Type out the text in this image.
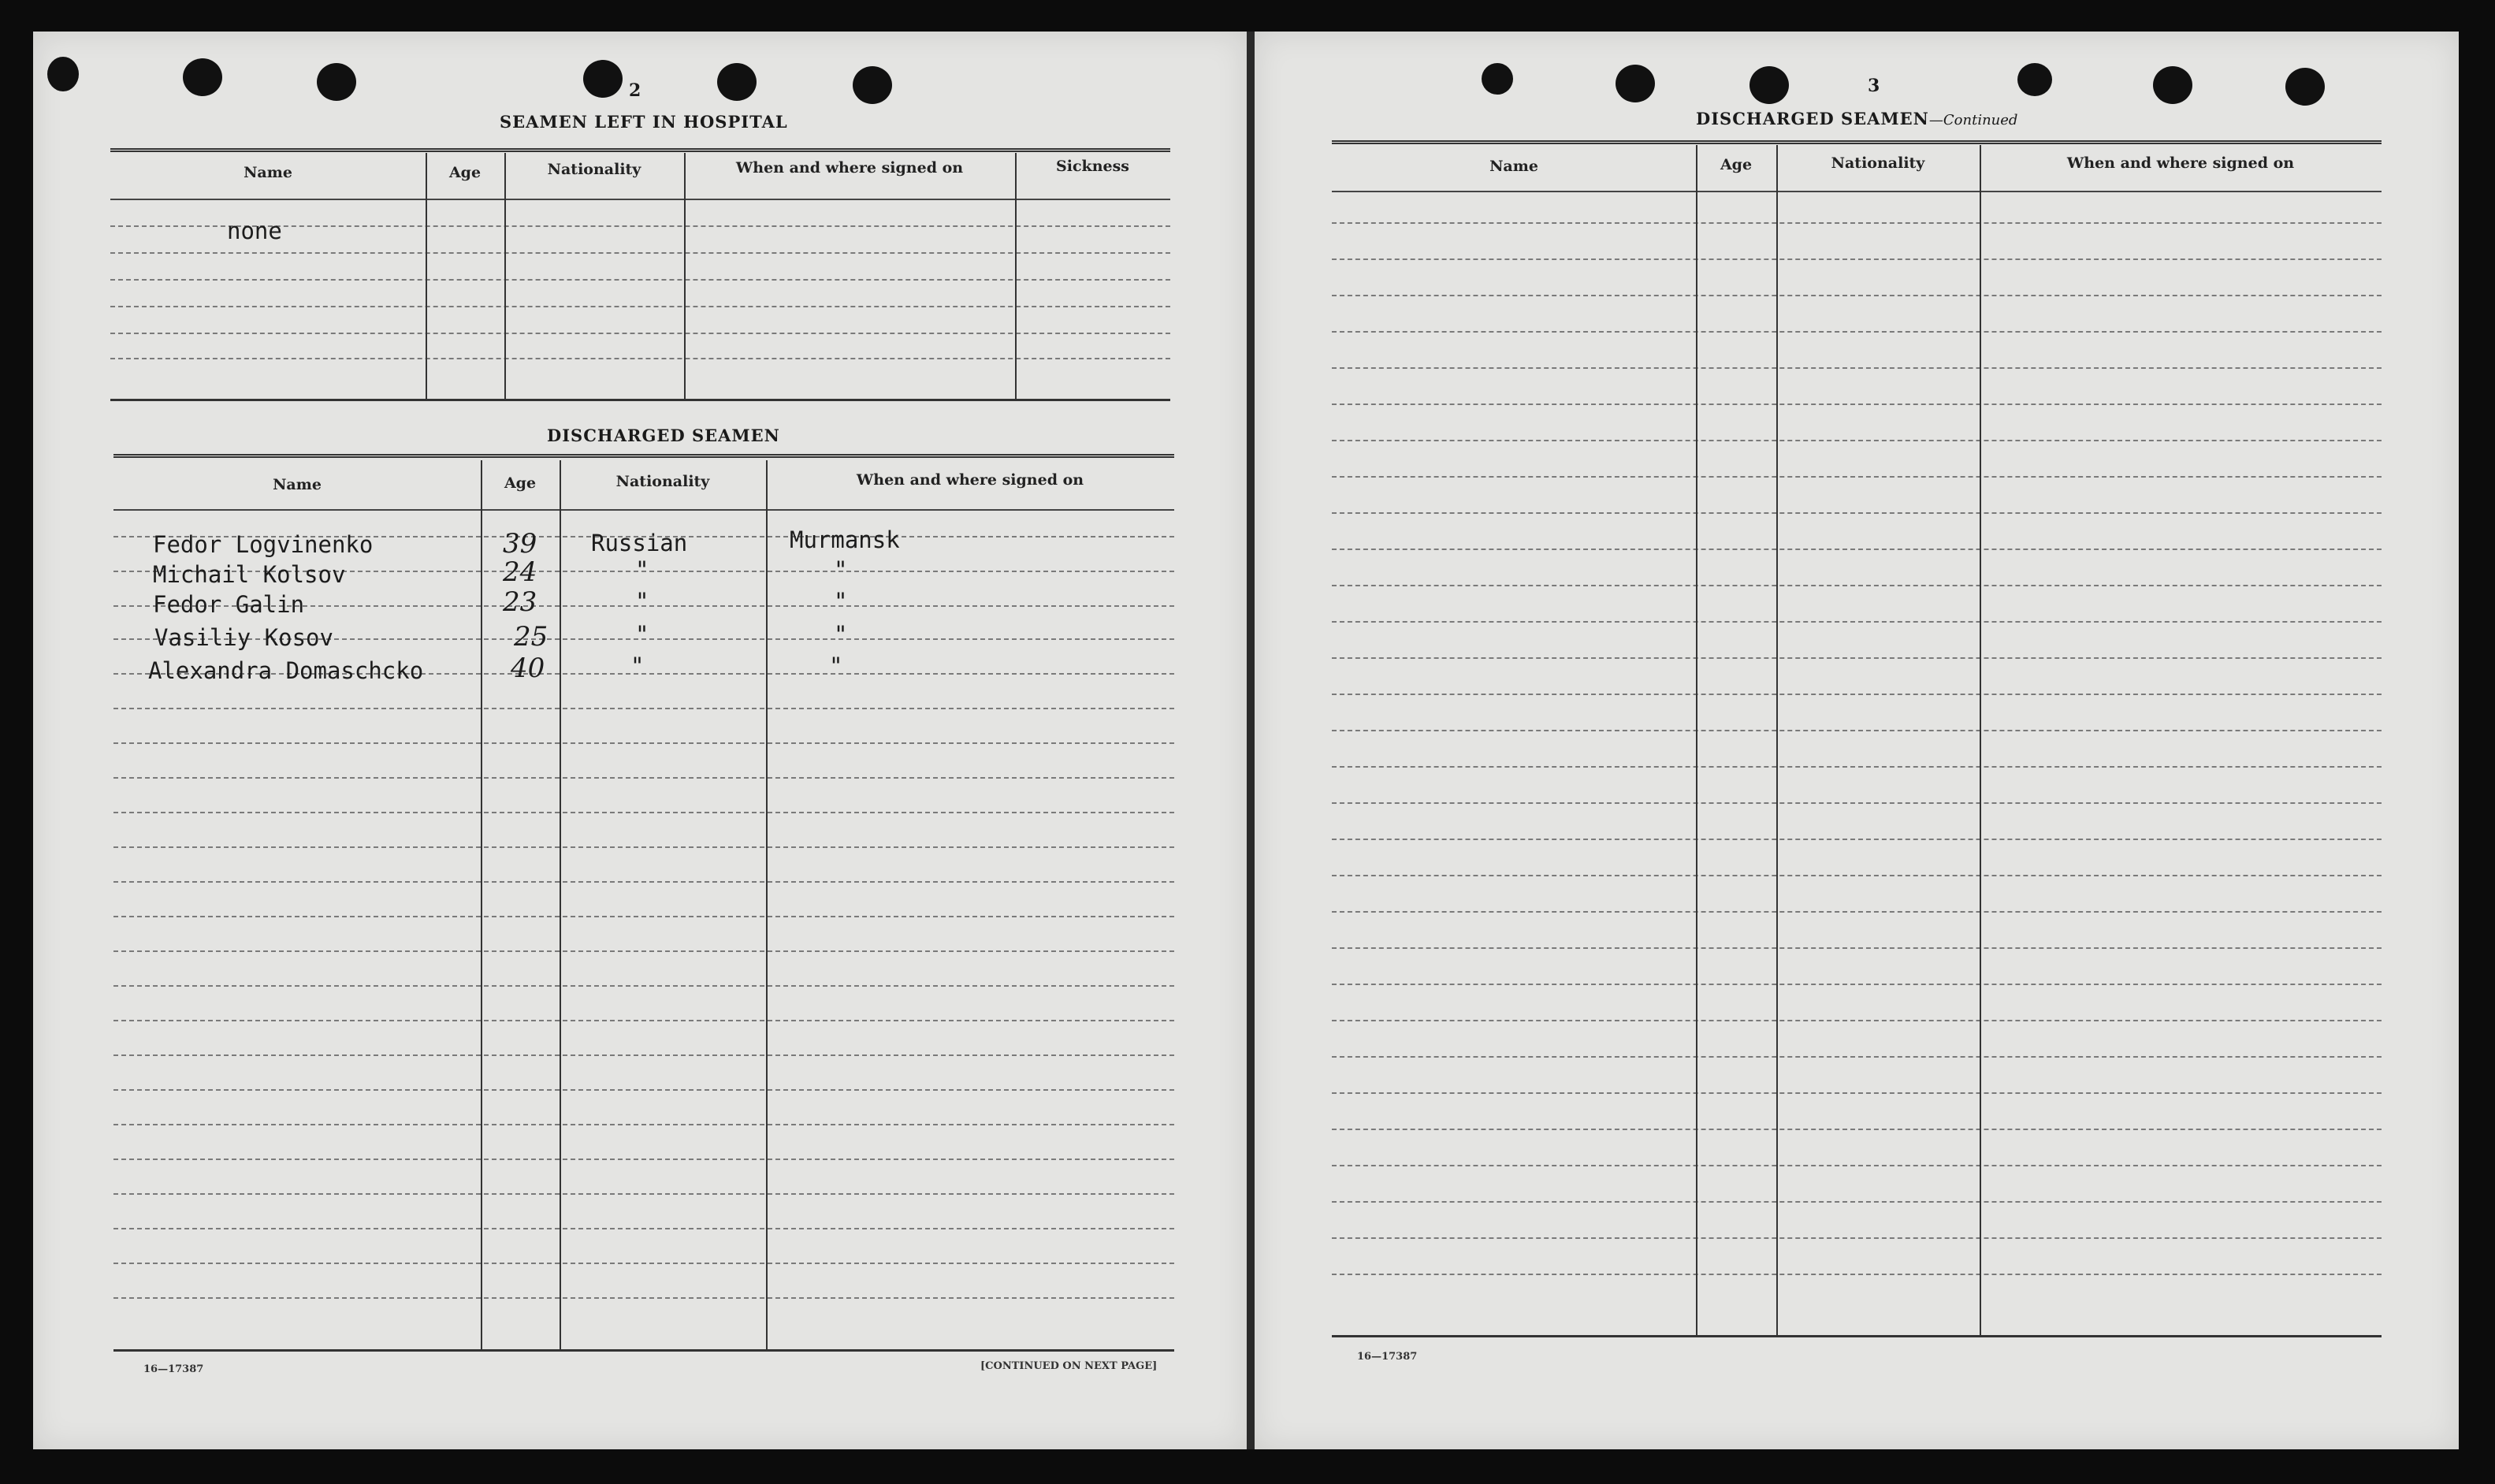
2
SEAMEN LEFT IN HOSPITAL
Name	Age	Nationality	When and where signed on	Sickness
none
DISCHARGED SEAMEN
Name	Age	Nationality	When and where signed on
Fedor Logvinenko	39 Russian	Murmansk
Michail Kolsov	24	"	"
Fedor Galin	23	"	"
Vasiliy Kosov	25	"	"
Alexandra Domaschcko	40	"	"
16—17387	[CONTINUED ON NEXT PAGE]
3
DISCHARGED SEAMEN—Continued
Name	Age	Nationality	When and where signed on
16—17387
